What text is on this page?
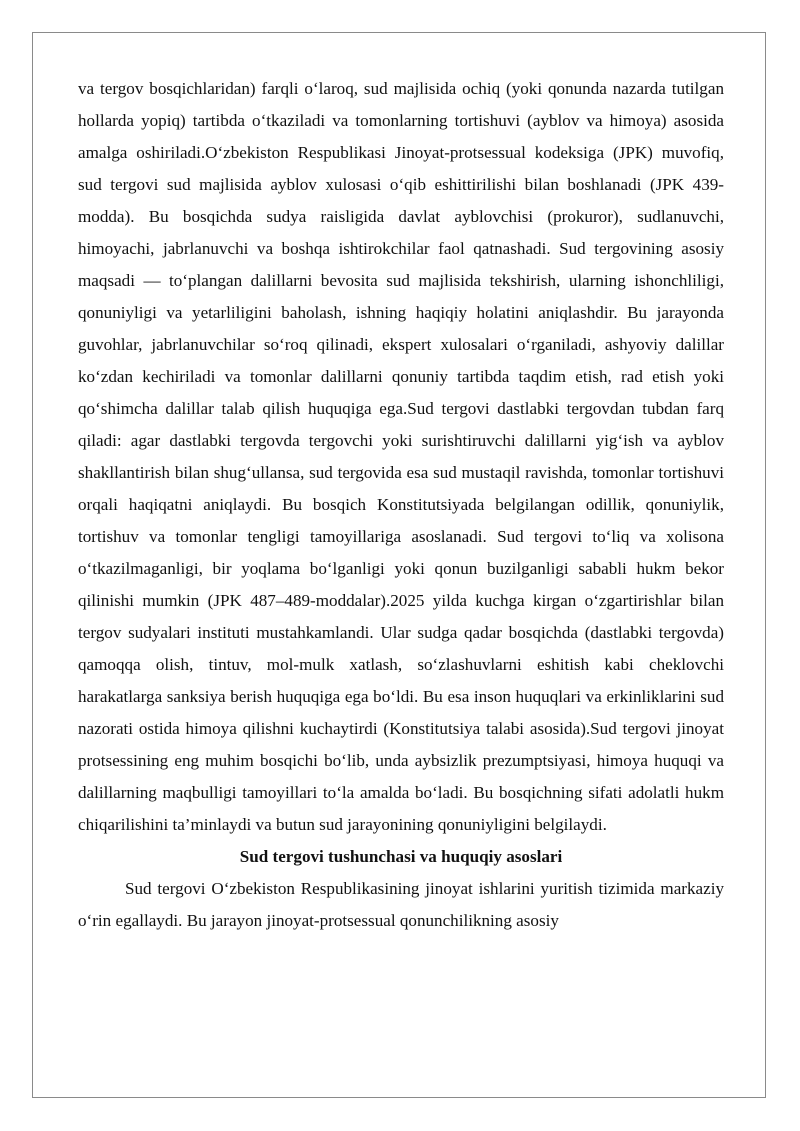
va tergov bosqichlaridan) farqli o‘laroq, sud majlisida ochiq (yoki qonunda nazarda tutilgan hollarda yopiq) tartibda o‘tkaziladi va tomonlarning tortishuvi (ayblov va himoya) asosida amalga oshiriladi.O‘zbekiston Respublikasi Jinoyat-protsessual kodeksiga (JPK) muvofiq, sud tergovi sud majlisida ayblov xulosasi o‘qib eshittirilishi bilan boshlanadi (JPK 439-modda). Bu bosqichda sudya raisligida davlat ayblovchisi (prokuror), sudlanuvchi, himoyachi, jabrlanuvchi va boshqa ishtirokchilar faol qatnashadi. Sud tergovining asosiy maqsadi — to‘plangan dalillarni bevosita sud majlisida tekshirish, ularning ishonchliligi, qonuniyligi va yetarliligini baholash, ishning haqiqiy holatini aniqlashdir. Bu jarayonda guvohlar, jabrlanuvchilar so‘roq qilinadi, ekspert xulosalari o‘rganiladi, ashyoviy dalillar ko‘zdan kechiriladi va tomonlar dalillarni qonuniy tartibda taqdim etish, rad etish yoki qo‘shimcha dalillar talab qilish huquqiga ega.Sud tergovi dastlabki tergovdan tubdan farq qiladi: agar dastlabki tergovda tergovchi yoki surishtiruvchi dalillarni yig‘ish va ayblov shakllantirish bilan shug‘ullansa, sud tergovida esa sud mustaqil ravishda, tomonlar tortishuvi orqali haqiqatni aniqlaydi. Bu bosqich Konstitutsiyada belgilangan odillik, qonuniylik, tortishuv va tomonlar tengligi tamoyillariga asoslanadi. Sud tergovi to‘liq va xolisona o‘tkazilmaganligi, bir yoqlama bo‘lganligi yoki qonun buzilganligi sababli hukm bekor qilinishi mumkin (JPK 487–489-moddalar).2025 yilda kuchga kirgan o‘zgartirishlar bilan tergov sudyalari instituti mustahkamlandi. Ular sudga qadar bosqichda (dastlabki tergovda) qamoqqa olish, tintuv, mol-mulk xatlash, so‘zlashuvlarni eshitish kabi cheklovchi harakatlarga sanksiya berish huquqiga ega bo‘ldi. Bu esa inson huquqlari va erkinliklarini sud nazorati ostida himoya qilishni kuchaytirdi (Konstitutsiya talabi asosida).Sud tergovi jinoyat protsessining eng muhim bosqichi bo‘lib, unda aybsizlik prezumptsiyasi, himoya huquqi va dalillarning maqbulligi tamoyillari to‘la amalda bo‘ladi. Bu bosqichning sifati adolatli hukm chiqarilishini ta’minlaydi va butun sud jarayonining qonuniyligini belgilaydi.

Sud tergovi tushunchasi va huquqiy asoslari

Sud tergovi O‘zbekiston Respublikasining jinoyat ishlarini yuritish tizimida markaziy o‘rin egallaydi. Bu jarayon jinoyat-protsessual qonunchilikning asosiy
